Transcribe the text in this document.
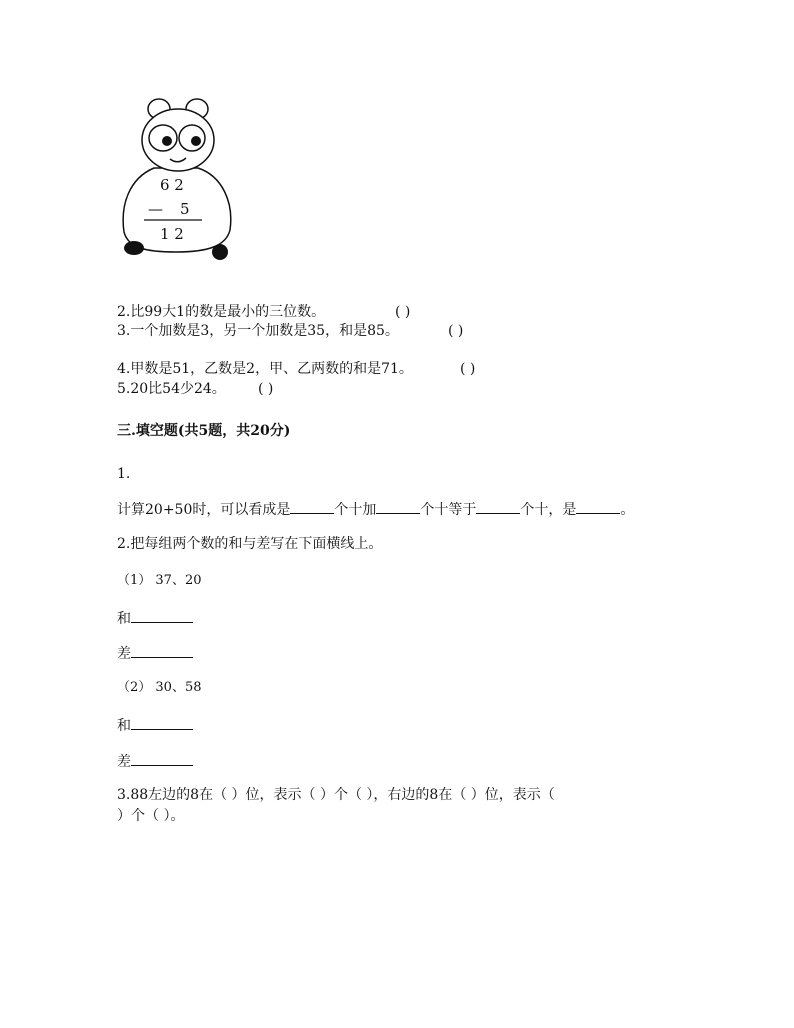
6 2
— 5
1 2
2.比99大1的数是最小的三位数。	( )
3.一个加数是3，另一个加数是35，和是85。	( )
4.甲数是51，乙数是2，甲、乙两数的和是71。	( )
5.20比54少24。 ( )
三.填空题(共5题，共20分)
1.
计算20+50时，可以看成是	个十加	个十等于	个十，是	。
2.把每组两个数的和与差写在下面横线上。
（1） 37、20
和
差
（2） 30、58
和
差
3.88左边的8在（ ）位，表示（ ）个（ ），右边的8在（ ）位，表示（
）个（ ）。
